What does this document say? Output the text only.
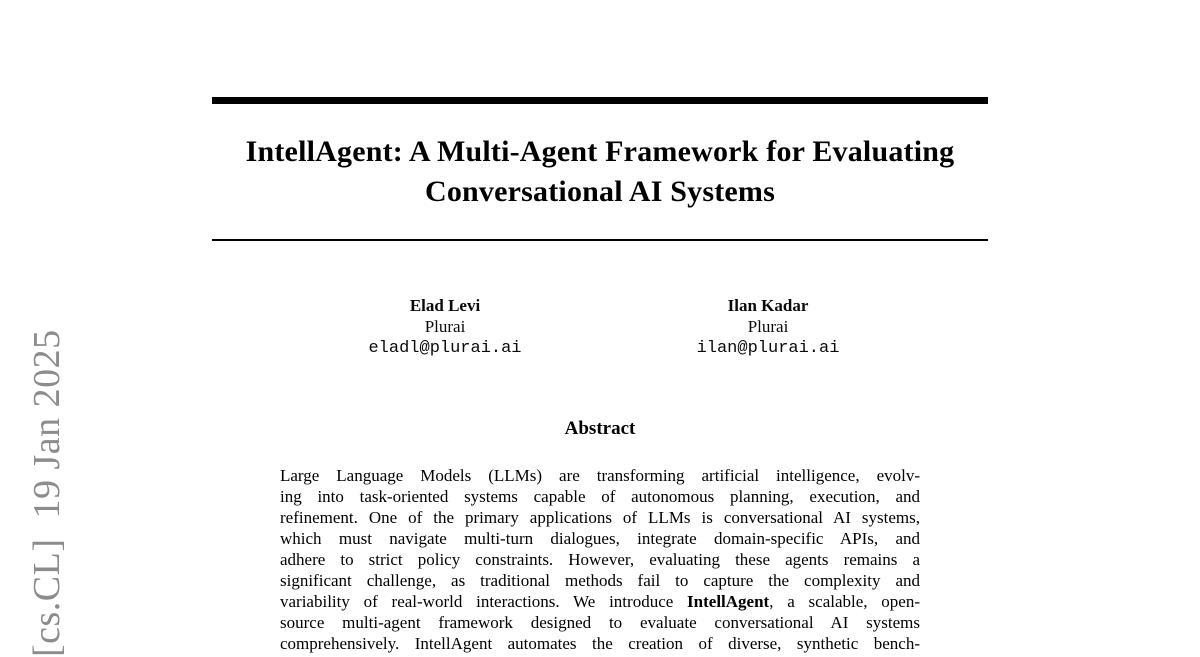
[cs.CL]  19 Jan 2025
IntellAgent: A Multi-Agent Framework for Evaluating
Conversational AI Systems
Elad Levi
Plurai
eladl@plurai.ai
Ilan Kadar
Plurai
ilan@plurai.ai
Abstract
Large Language Models (LLMs) are transforming artificial intelligence, evolv-
ing into task-oriented systems capable of autonomous planning, execution, and
refinement. One of the primary applications of LLMs is conversational AI systems,
which must navigate multi-turn dialogues, integrate domain-specific APIs, and
adhere to strict policy constraints. However, evaluating these agents remains a
significant challenge, as traditional methods fail to capture the complexity and
variability of real-world interactions. We introduce IntellAgent, a scalable, open-
source multi-agent framework designed to evaluate conversational AI systems
comprehensively. IntellAgent automates the creation of diverse, synthetic bench-
